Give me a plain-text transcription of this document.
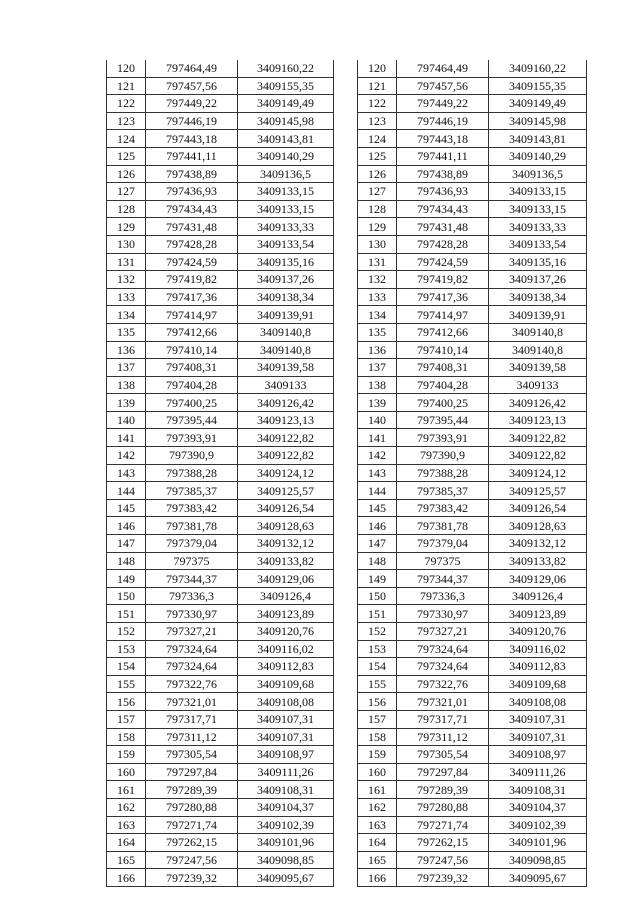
120	797464,49	3409160,22
121	797457,56	3409155,35
122	797449,22	3409149,49
123	797446,19	3409145,98
124	797443,18	3409143,81
125	797441,11	3409140,29
126	797438,89	3409136,5
127	797436,93	3409133,15
128	797434,43	3409133,15
129	797431,48	3409133,33
130	797428,28	3409133,54
131	797424,59	3409135,16
132	797419,82	3409137,26
133	797417,36	3409138,34
134	797414,97	3409139,91
135	797412,66	3409140,8
136	797410,14	3409140,8
137	797408,31	3409139,58
138	797404,28	3409133
139	797400,25	3409126,42
140	797395,44	3409123,13
141	797393,91	3409122,82
142	797390,9	3409122,82
143	797388,28	3409124,12
144	797385,37	3409125,57
145	797383,42	3409126,54
146	797381,78	3409128,63
147	797379,04	3409132,12
148	797375	3409133,82
149	797344,37	3409129,06
150	797336,3	3409126,4
151	797330,97	3409123,89
152	797327,21	3409120,76
153	797324,64	3409116,02
154	797324,64	3409112,83
155	797322,76	3409109,68
156	797321,01	3409108,08
157	797317,71	3409107,31
158	797311,12	3409107,31
159	797305,54	3409108,97
160	797297,84	3409111,26
161	797289,39	3409108,31
162	797280,88	3409104,37
163	797271,74	3409102,39
164	797262,15	3409101,96
165	797247,56	3409098,85
166	797239,32	3409095,67
120	797464,49	3409160,22
121	797457,56	3409155,35
122	797449,22	3409149,49
123	797446,19	3409145,98
124	797443,18	3409143,81
125	797441,11	3409140,29
126	797438,89	3409136,5
127	797436,93	3409133,15
128	797434,43	3409133,15
129	797431,48	3409133,33
130	797428,28	3409133,54
131	797424,59	3409135,16
132	797419,82	3409137,26
133	797417,36	3409138,34
134	797414,97	3409139,91
135	797412,66	3409140,8
136	797410,14	3409140,8
137	797408,31	3409139,58
138	797404,28	3409133
139	797400,25	3409126,42
140	797395,44	3409123,13
141	797393,91	3409122,82
142	797390,9	3409122,82
143	797388,28	3409124,12
144	797385,37	3409125,57
145	797383,42	3409126,54
146	797381,78	3409128,63
147	797379,04	3409132,12
148	797375	3409133,82
149	797344,37	3409129,06
150	797336,3	3409126,4
151	797330,97	3409123,89
152	797327,21	3409120,76
153	797324,64	3409116,02
154	797324,64	3409112,83
155	797322,76	3409109,68
156	797321,01	3409108,08
157	797317,71	3409107,31
158	797311,12	3409107,31
159	797305,54	3409108,97
160	797297,84	3409111,26
161	797289,39	3409108,31
162	797280,88	3409104,37
163	797271,74	3409102,39
164	797262,15	3409101,96
165	797247,56	3409098,85
166	797239,32	3409095,67
